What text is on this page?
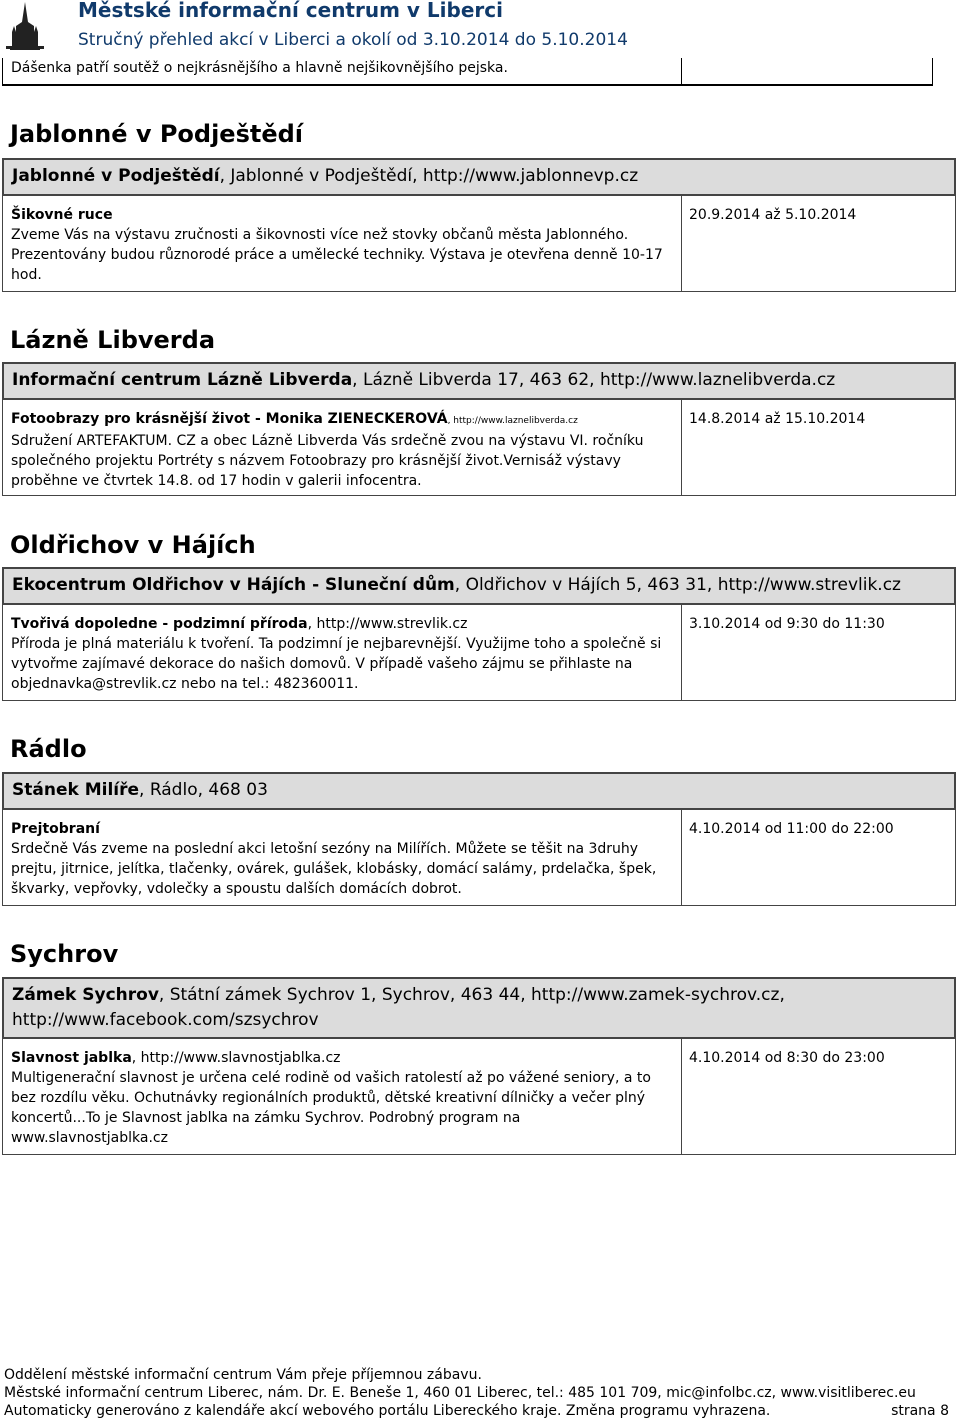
Městské informační centrum v Liberci
Stručný přehled akcí v Liberci a okolí od 3.10.2014 do 5.10.2014
Dášenka patří soutěž o nejkrásnějšího a hlavně nejšikovnějšího pejska.
Jablonné v Podještědí
Jablonné v Podještědí, Jablonné v Podještědí, http://www.jablonnevp.cz
Šikovné ruce
Zveme Vás na výstavu zručnosti a šikovnosti více než stovky občanů města Jablonného. Prezentovány budou různorodé práce a umělecké techniky. Výstava je otevřena denně 10-17 hod.
20.9.2014 až 5.10.2014
Lázně Libverda
Informační centrum Lázně Libverda, Lázně Libverda 17, 463 62, http://www.laznelibverda.cz
Fotoobrazy pro krásnější život - Monika ZIENECKEROVÁ, http://www.laznelibverda.cz
Sdružení ARTEFAKTUM. CZ a obec Lázně Libverda Vás srdečně zvou na výstavu VI. ročníku společného projektu Portréty s názvem Fotoobrazy pro krásnější život.Vernisáž výstavy proběhne ve čtvrtek 14.8. od 17 hodin v galerii infocentra.
14.8.2014 až 15.10.2014
Oldřichov v Hájích
Ekocentrum Oldřichov v Hájích - Sluneční dům, Oldřichov v Hájích 5, 463 31, http://www.strevlik.cz
Tvořivá dopoledne - podzimní příroda, http://www.strevlik.cz
Příroda je plná materiálu k tvoření. Ta podzimní je nejbarevnější. Využijme toho a společně si vytvořme zajímavé dekorace do našich domovů. V případě vašeho zájmu se přihlaste na objednavka@strevlik.cz nebo na tel.: 482360011.
3.10.2014 od 9:30 do 11:30
Rádlo
Stánek Milíře, Rádlo, 468 03
Prejtobraní
Srdečně Vás zveme na poslední akci letošní sezóny na Milířích. Můžete se těšit na 3druhy prejtu, jitrnice, jelítka, tlačenky, ovárek, gulášek, klobásky, domácí salámy, prdelačka, špek, škvarky, vepřovky, vdolečky a spoustu dalších domácích dobrot.
4.10.2014 od 11:00 do 22:00
Sychrov
Zámek Sychrov, Státní zámek Sychrov 1, Sychrov, 463 44, http://www.zamek-sychrov.cz, http://www.facebook.com/szsychrov
Slavnost jablka, http://www.slavnostjablka.cz
Multigenerační slavnost je určena celé rodině od vašich ratolestí až po vážené seniory, a to bez rozdílu věku. Ochutnávky regionálních produktů, dětské kreativní dílničky a večer plný koncertů...To je Slavnost jablka na zámku Sychrov. Podrobný program na www.slavnostjablka.cz
4.10.2014 od 8:30 do 23:00
Oddělení městské informační centrum Vám přeje příjemnou zábavu.
Městské informační centrum Liberec, nám. Dr. E. Beneše 1, 460 01 Liberec, tel.: 485 101 709, mic@infolbc.cz, www.visitliberec.eu
Automaticky generováno z kalendáře akcí webového portálu Libereckého kraje. Změna programu vyhrazena.	strana 8
